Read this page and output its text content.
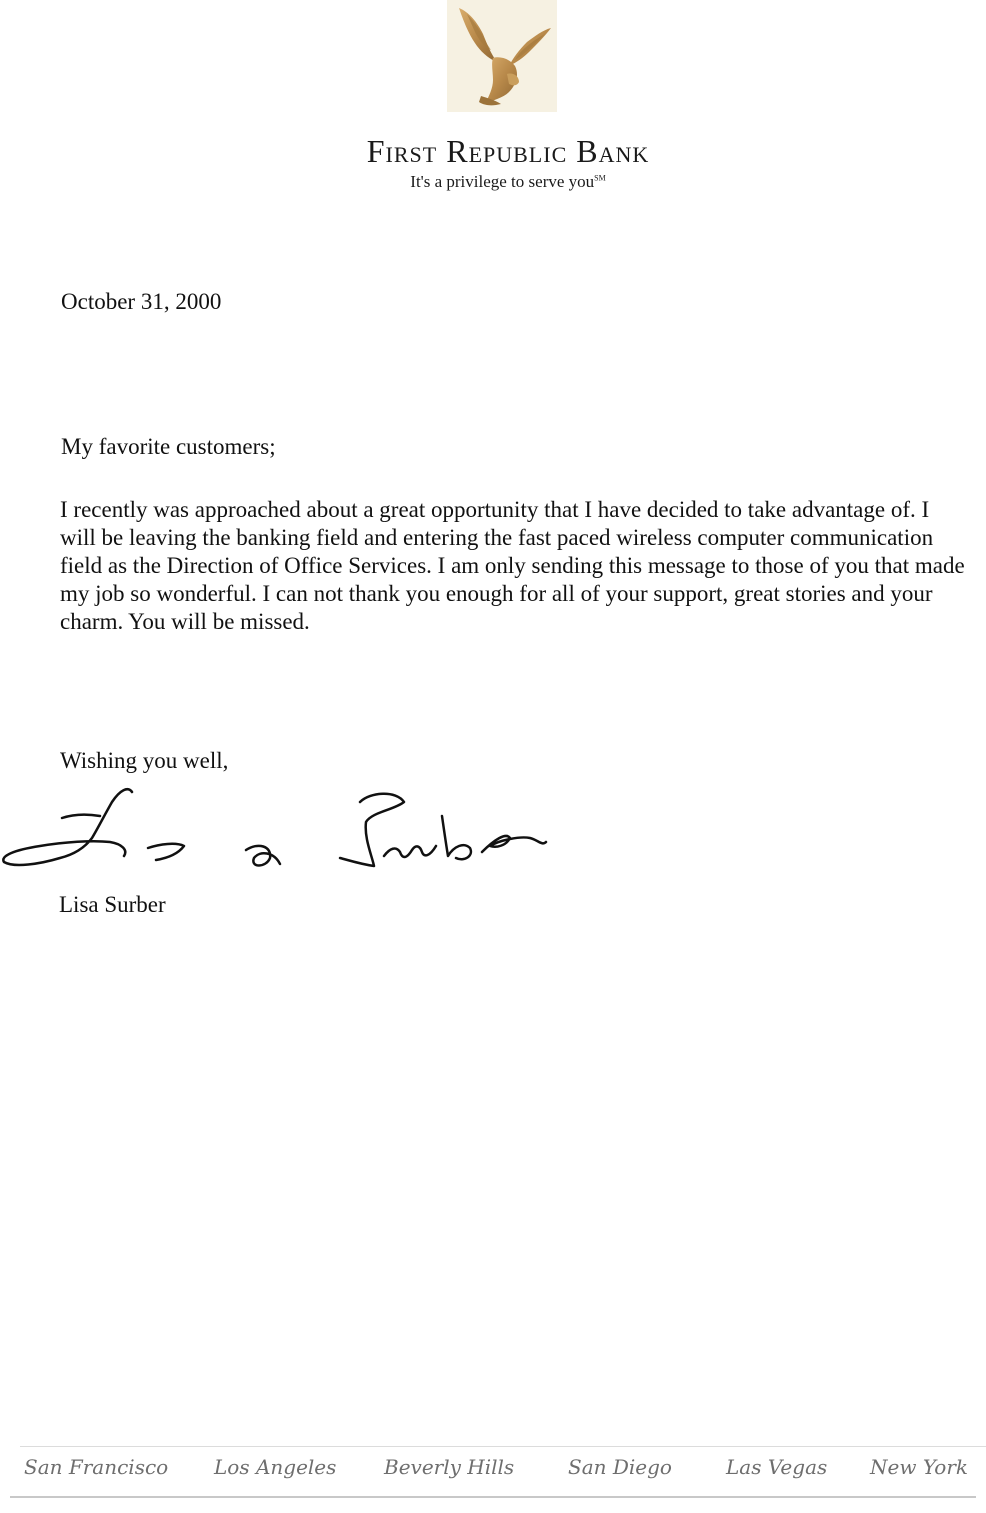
First Republic Bank
It's a privilege to serve you℠
October 31, 2000
My favorite customers;

I recently was approached about a great opportunity that I have decided to take advantage of. I will be leaving the banking field and entering the fast paced wireless computer communication field as the Direction of Office Services. I am only sending this message to those of you that made my job so wonderful. I can not thank you enough for all of your support, great stories and your charm. You will be missed.

Wishing you well,
Lisa Surber
San Francisco Los Angeles Beverly Hills	San Diego	Las Vegas New York
